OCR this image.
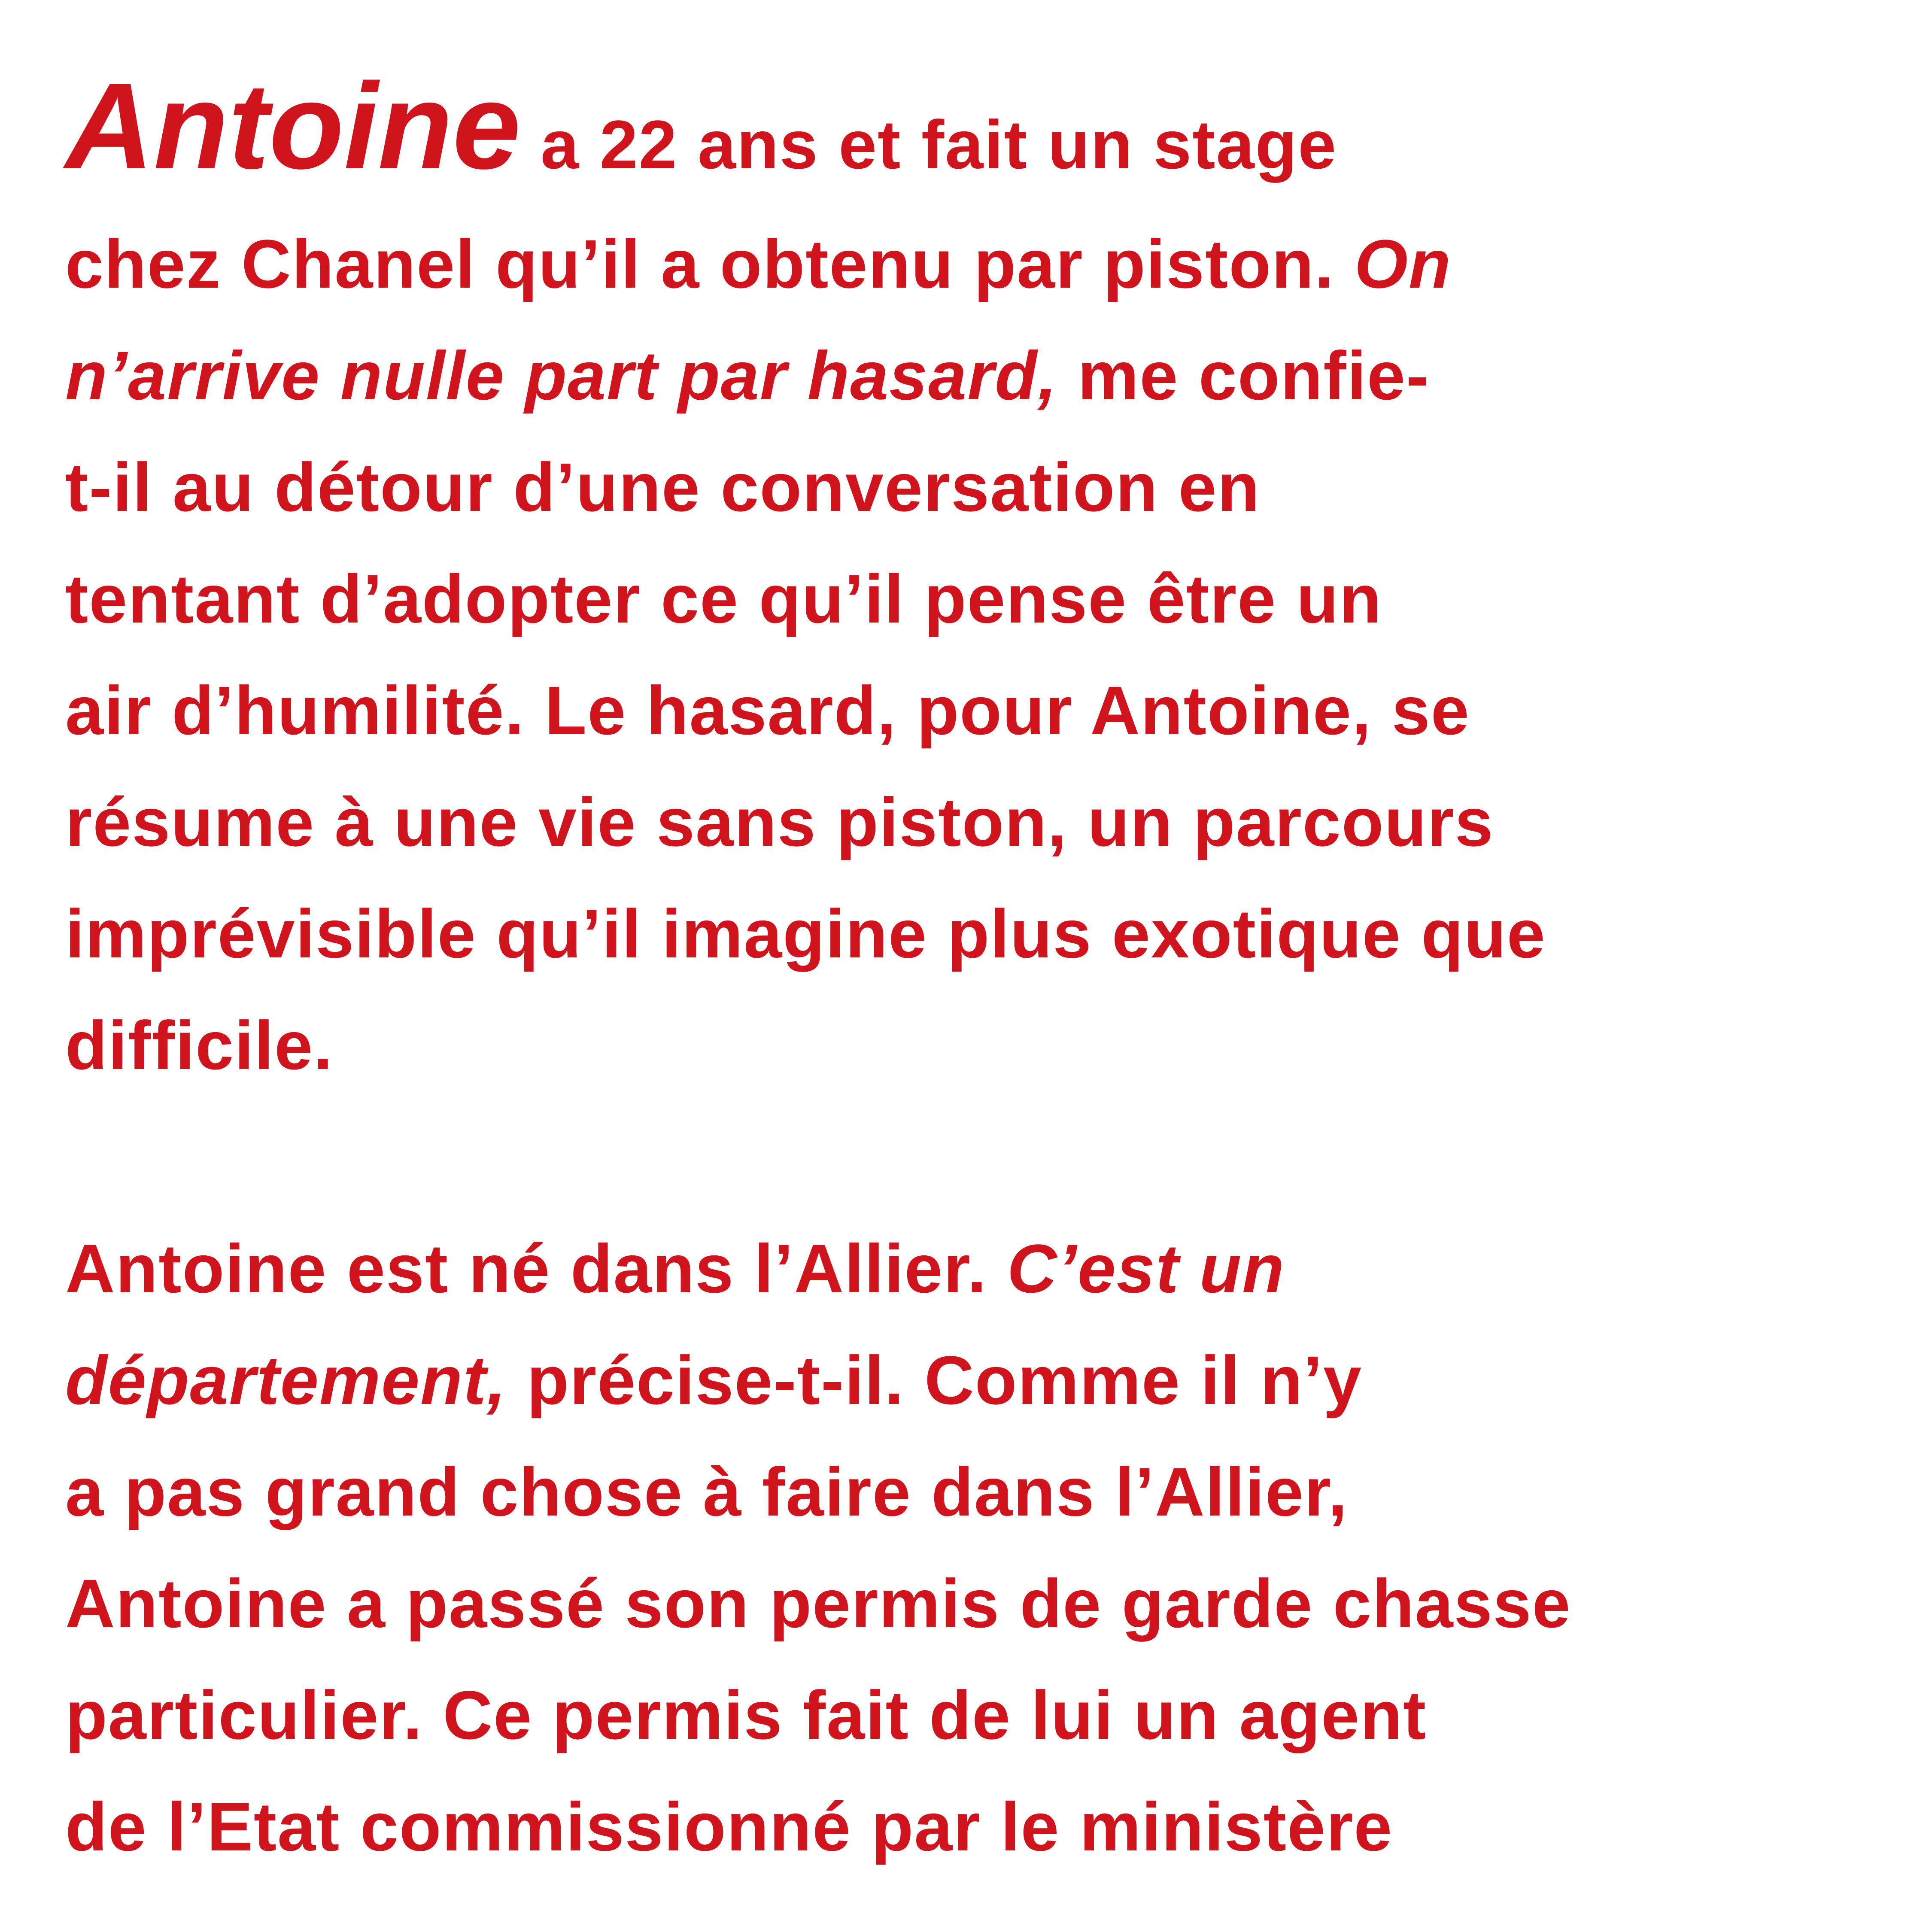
Antoine a 22 ans et fait un stage
chez Chanel qu’il a obtenu par piston. On
n’arrive nulle part par hasard, me confie-
t-il au détour d’une conversation en
tentant d’adopter ce qu’il pense être un
air d’humilité. Le hasard, pour Antoine, se
résume à une vie sans piston, un parcours
imprévisible qu’il imagine plus exotique que
difficile.
Antoine est né dans l’Allier. C’est un
département, précise-t-il. Comme il n’y
a pas grand chose à faire dans l’Allier,
Antoine a passé son permis de garde chasse
particulier. Ce permis fait de lui un agent
de l’Etat commissionné par le ministère
